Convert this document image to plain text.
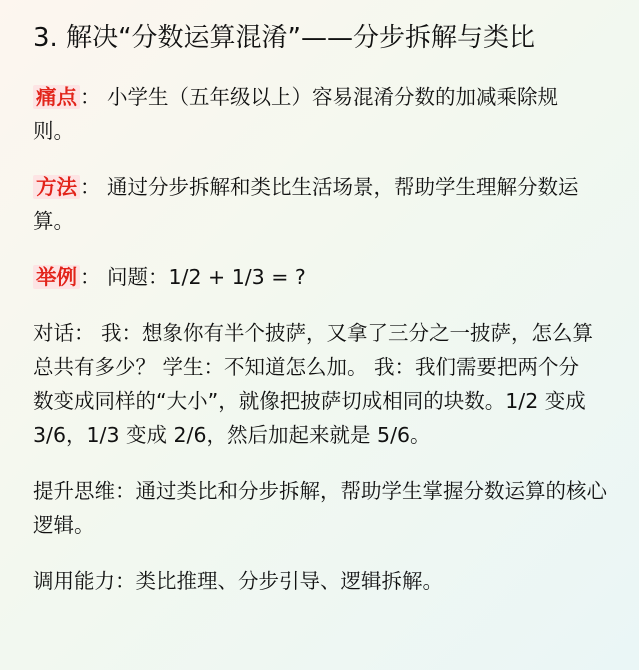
3. 解决“分数运算混淆”——分步拆解与类比

痛点 ： 小学生（五年级以上）容易混淆分数的加减乘除规则。

方法 ： 通过分步拆解和类比生活场景，帮助学生理解分数运算。

举例 ： 问题：1/2 + 1/3 = ?

对话： 我：想象你有半个披萨，又拿了三分之一披萨，怎么算总共有多少？ 学生：不知道怎么加。 我：我们需要把两个分数变成同样的“大小”，就像把披萨切成相同的块数。1/2 变成 3/6，1/3 变成 2/6，然后加起来就是 5/6。

提升思维：通过类比和分步拆解，帮助学生掌握分数运算的核心逻辑。

调用能力：类比推理、分步引导、逻辑拆解。
